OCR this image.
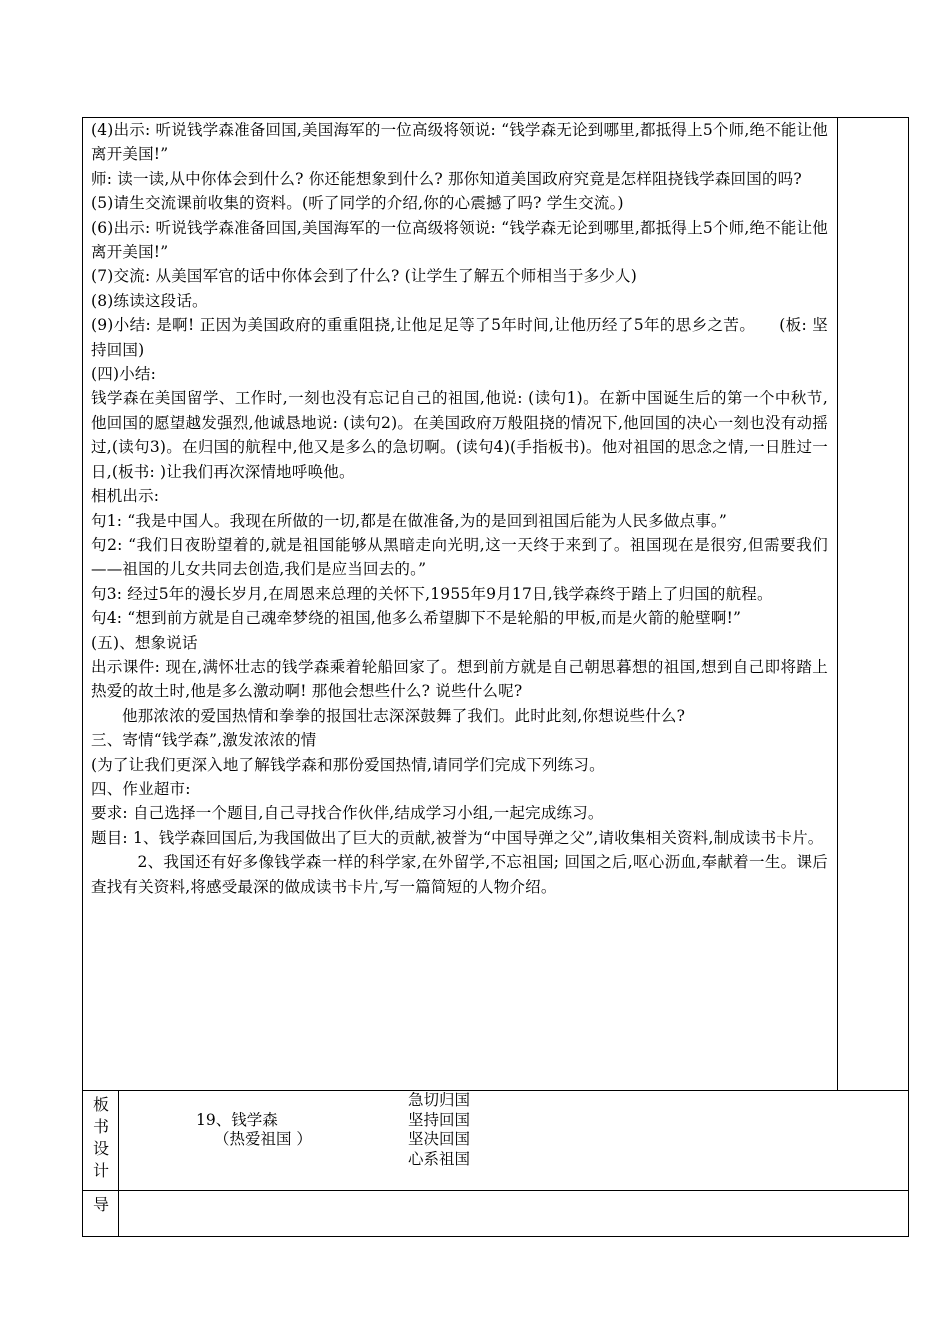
(4)出示: 听说钱学森准备回国,美国海军的一位高级将领说: “钱学森无论到哪里,都抵得上5个师,绝不能让他离开美国!”

师: 读一读,从中你体会到什么? 你还能想象到什么? 那你知道美国政府究竟是怎样阻挠钱学森回国的吗?

(5)请生交流课前收集的资料。(听了同学的介绍,你的心震撼了吗? 学生交流。)

(6)出示: 听说钱学森准备回国,美国海军的一位高级将领说: “钱学森无论到哪里,都抵得上5个师,绝不能让他离开美国!”

(7)交流: 从美国军官的话中你体会到了什么? (让学生了解五个师相当于多少人)

(8)练读这段话。

(9)小结: 是啊! 正因为美国政府的重重阻挠,让他足足等了5年时间,让他历经了5年的思乡之苦。　　(板: 坚持回国)

(四)小结:

钱学森在美国留学、工作时,一刻也没有忘记自己的祖国,他说: (读句1)。在新中国诞生后的第一个中秋节,他回国的愿望越发强烈,他诚恳地说: (读句2)。在美国政府万般阻挠的情况下,他回国的决心一刻也没有动摇过,(读句3)。在归国的航程中,他又是多么的急切啊。(读句4)(手指板书)。他对祖国的思念之情,一日胜过一日,(板书: )让我们再次深情地呼唤他。

相机出示:

句1: “我是中国人。我现在所做的一切,都是在做准备,为的是回到祖国后能为人民多做点事。”

句2: “我们日夜盼望着的,就是祖国能够从黑暗走向光明,这一天终于来到了。祖国现在是很穷,但需要我们——祖国的儿女共同去创造,我们是应当回去的。”

句3: 经过5年的漫长岁月,在周恩来总理的关怀下,1955年9月17日,钱学森终于踏上了归国的航程。

句4: “想到前方就是自己魂牵梦绕的祖国,他多么希望脚下不是轮船的甲板,而是火箭的舱壁啊!”

(五)、想象说话

出示课件: 现在,满怀壮志的钱学森乘着轮船回家了。想到前方就是自己朝思暮想的祖国,想到自己即将踏上热爱的故土时,他是多么激动啊! 那他会想些什么? 说些什么呢?

他那浓浓的爱国热情和拳拳的报国壮志深深鼓舞了我们。此时此刻,你想说些什么?

三、寄情“钱学森”,激发浓浓的情

(为了让我们更深入地了解钱学森和那份爱国热情,请同学们完成下列练习。

四、作业超市:

要求: 自己选择一个题目,自己寻找合作伙伴,结成学习小组,一起完成练习。

题目: 1、钱学森回国后,为我国做出了巨大的贡献,被誉为“中国导弹之父”,请收集相关资料,制成读书卡片。

2、我国还有好多像钱学森一样的科学家,在外留学,不忘祖国; 回国之后,呕心沥血,奉献着一生。课后查找有关资料,将感受最深的做成读书卡片,写一篇简短的人物介绍。

板
书
设
计
19、钱学森
（热爱祖国 ）
急切归国
坚持回国
坚决回国
心系祖国
导
